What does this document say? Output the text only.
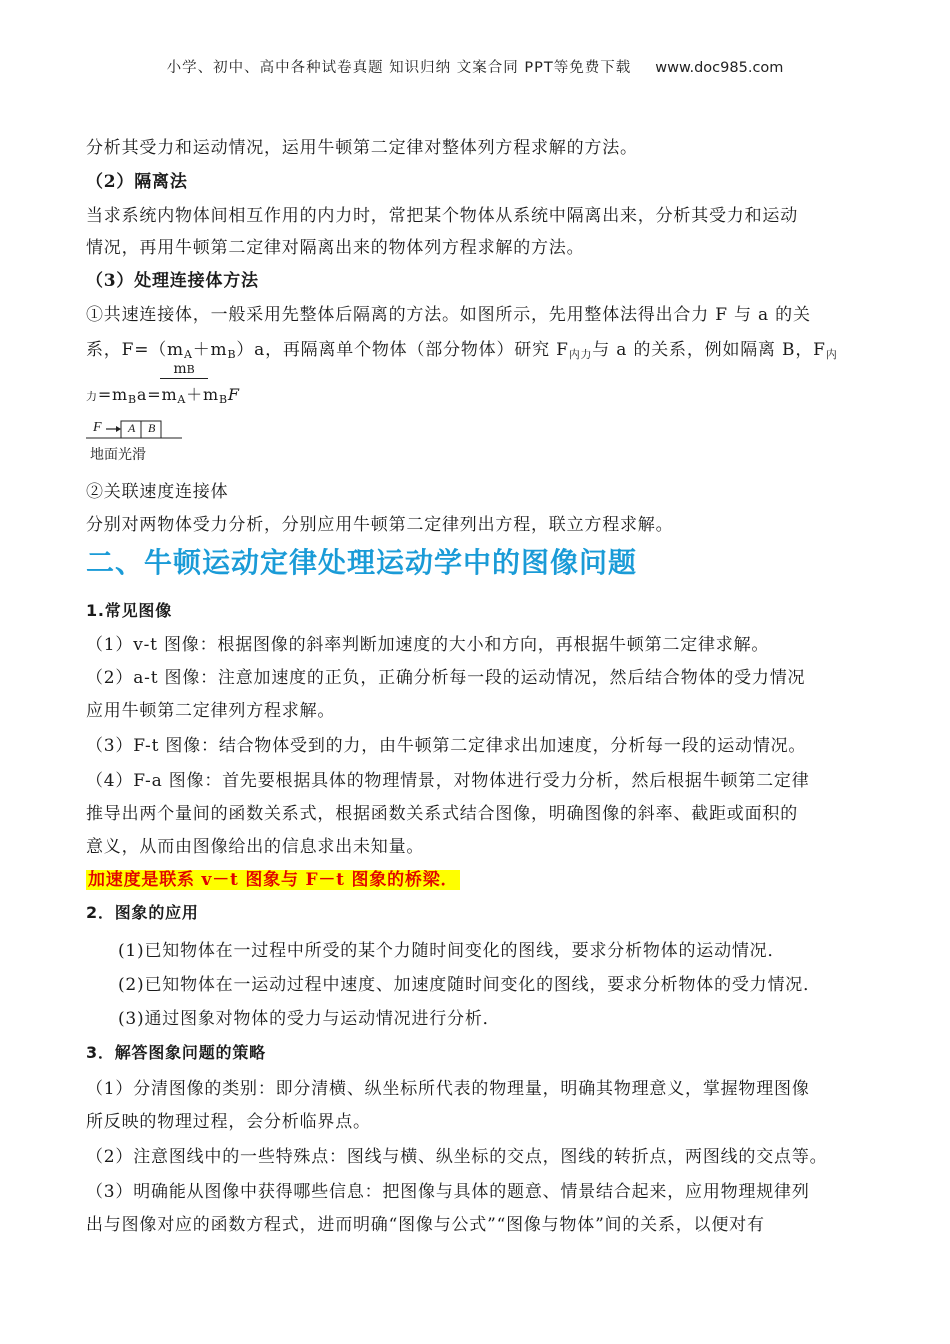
小学、初中、高中各种试卷真题 知识归纳 文案合同 PPT等免费下载 www.doc985.com
分析其受力和运动情况，运用牛顿第二定律对整体列方程求解的方法。
（2）隔离法
当求系统内物体间相互作用的内力时，常把某个物体从系统中隔离出来，分析其受力和运动
情况，再用牛顿第二定律对隔离出来的物体列方程求解的方法。
（3）处理连接体方法
①共速连接体，一般采用先整体后隔离的方法。如图所示，先用整体法得出合力 F 与 a 的关
系，$F=(m_A+m_B)a$，再隔离单个物体（部分物体）研究 $F_{内力}$与 a 的关系，例如隔离 B，$F_内$
mB
力$=m_Ba=m_A+m_BF$
F A B
地面光滑
②关联速度连接体
分别对两物体受力分析，分别应用牛顿第二定律列出方程，联立方程求解。
二、牛顿运动定律处理运动学中的图像问题
1.常见图像
（1）v-t 图像：根据图像的斜率判断加速度的大小和方向，再根据牛顿第二定律求解。
（2）a-t 图像：注意加速度的正负，正确分析每一段的运动情况，然后结合物体的受力情况
应用牛顿第二定律列方程求解。
（3）F-t 图像：结合物体受到的力，由牛顿第二定律求出加速度，分析每一段的运动情况。
（4）F-a 图像：首先要根据具体的物理情景，对物体进行受力分析，然后根据牛顿第二定律
推导出两个量间的函数关系式，根据函数关系式结合图像，明确图像的斜率、截距或面积的
意义，从而由图像给出的信息求出未知量。
加速度是联系 v－t 图象与 F－t 图象的桥梁．
2．图象的应用
(1)已知物体在一过程中所受的某个力随时间变化的图线，要求分析物体的运动情况．
(2)已知物体在一运动过程中速度、加速度随时间变化的图线，要求分析物体的受力情况．
(3)通过图象对物体的受力与运动情况进行分析．
3．解答图象问题的策略
（1）分清图像的类别：即分清横、纵坐标所代表的物理量，明确其物理意义，掌握物理图像
所反映的物理过程，会分析临界点。
（2）注意图线中的一些特殊点：图线与横、纵坐标的交点，图线的转折点，两图线的交点等。
（3）明确能从图像中获得哪些信息：把图像与具体的题意、情景结合起来，应用物理规律列
出与图像对应的函数方程式，进而明确“图像与公式”“图像与物体”间的关系，以便对有
